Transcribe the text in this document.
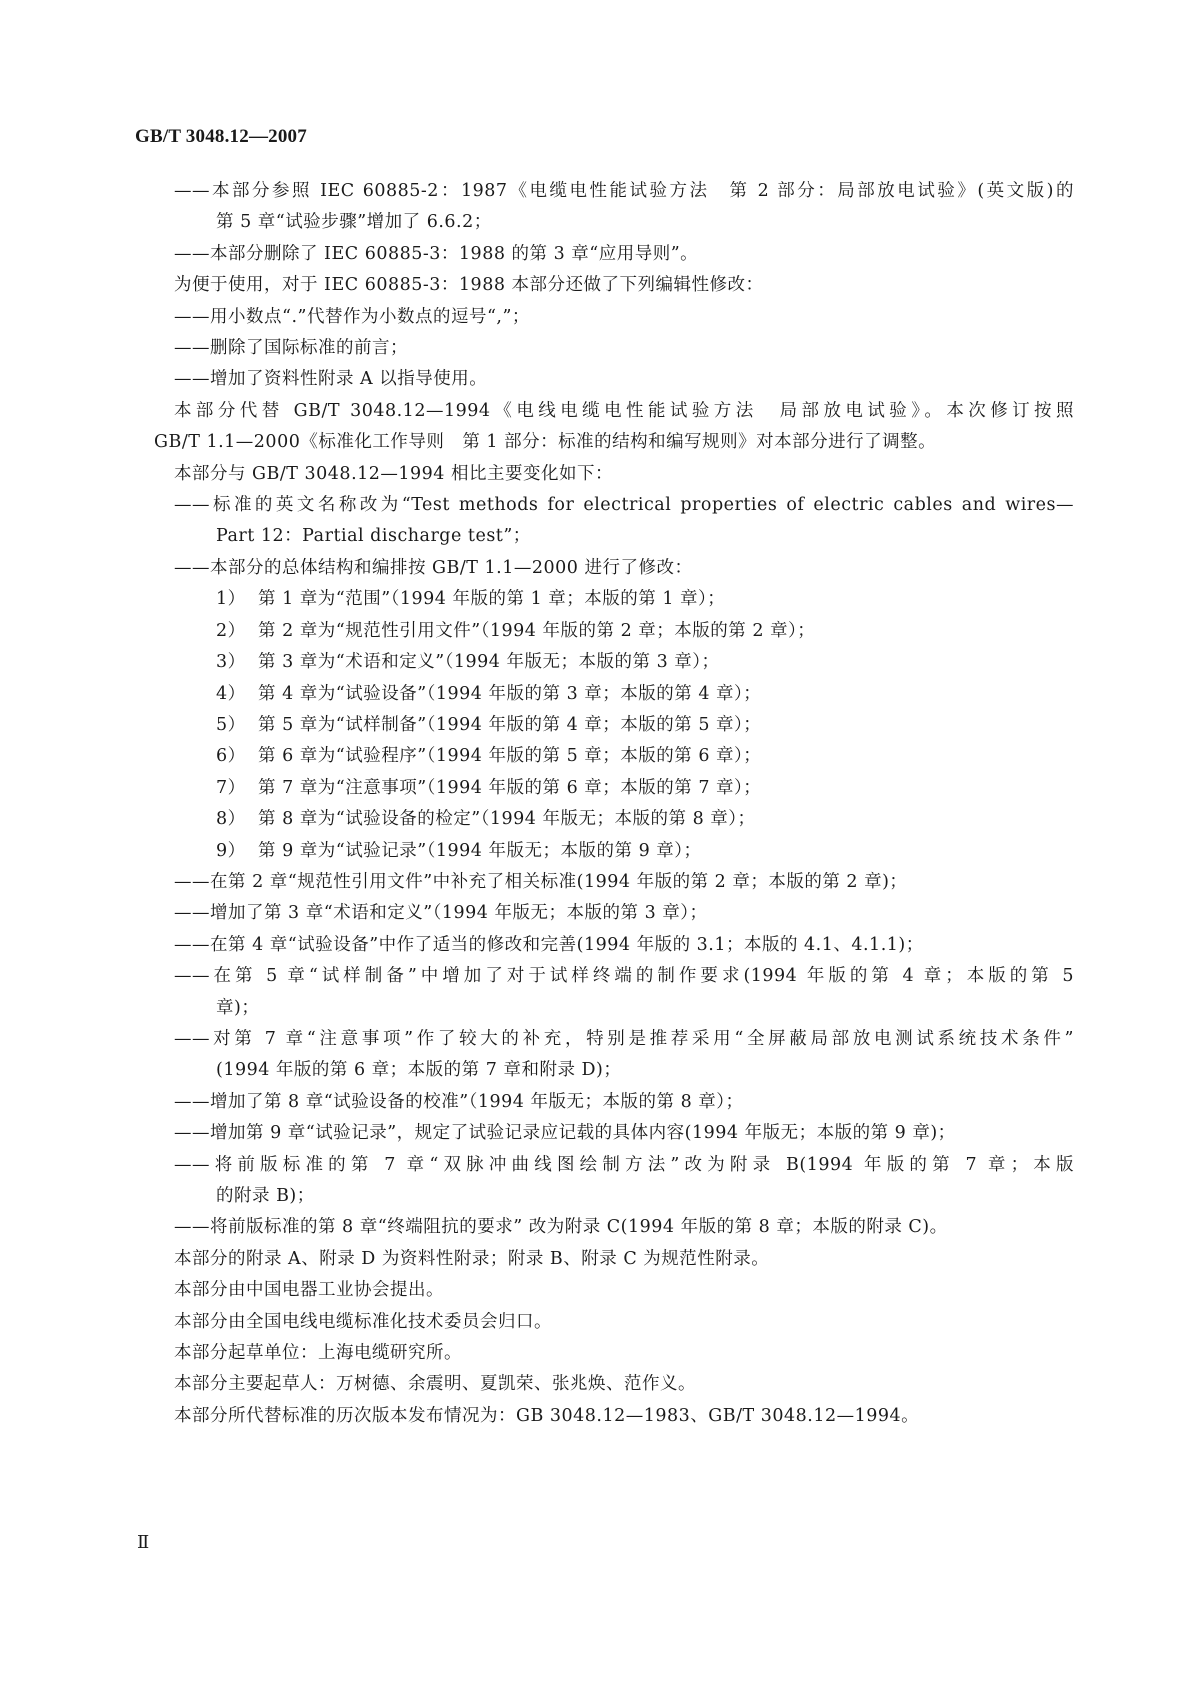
GB/T 3048.12—2007
——本部分参照 IEC 60885-2：1987《电缆电性能试验方法　第 2 部分：局部放电试验》(英文版)的
第 5 章“试验步骤”增加了 6.6.2；
——本部分删除了 IEC 60885-3：1988 的第 3 章“应用导则”。
为便于使用，对于 IEC 60885-3：1988 本部分还做了下列编辑性修改：
——用小数点“.”代替作为小数点的逗号“,”；
——删除了国际标准的前言；
——增加了资料性附录 A 以指导使用。
本部分代替 GB/T 3048.12—1994《电线电缆电性能试验方法　局部放电试验》。本次修订按照
GB/T 1.1—2000《标准化工作导则　第 1 部分：标准的结构和编写规则》对本部分进行了调整。
本部分与 GB/T 3048.12—1994 相比主要变化如下：
——标准的英文名称改为“Test methods for electrical properties of electric cables and wires—
Part 12：Partial discharge test”；
——本部分的总体结构和编排按 GB/T 1.1—2000 进行了修改：
1） 第 1 章为“范围”（1994 年版的第 1 章；本版的第 1 章）；
2） 第 2 章为“规范性引用文件”（1994 年版的第 2 章；本版的第 2 章）；
3） 第 3 章为“术语和定义”（1994 年版无；本版的第 3 章）；
4） 第 4 章为“试验设备”（1994 年版的第 3 章；本版的第 4 章）；
5） 第 5 章为“试样制备”（1994 年版的第 4 章；本版的第 5 章）；
6） 第 6 章为“试验程序”（1994 年版的第 5 章；本版的第 6 章）；
7） 第 7 章为“注意事项”（1994 年版的第 6 章；本版的第 7 章）；
8） 第 8 章为“试验设备的检定”（1994 年版无；本版的第 8 章）；
9） 第 9 章为“试验记录”（1994 年版无；本版的第 9 章）；
——在第 2 章“规范性引用文件”中补充了相关标准(1994 年版的第 2 章；本版的第 2 章)；
——增加了第 3 章“术语和定义”（1994 年版无；本版的第 3 章）；
——在第 4 章“试验设备”中作了适当的修改和完善(1994 年版的 3.1；本版的 4.1、4.1.1)；
——在第 5 章“试样制备”中增加了对于试样终端的制作要求(1994 年版的第 4 章；本版的第 5
章)；
——对第 7 章“注意事项”作了较大的补充，特别是推荐采用“全屏蔽局部放电测试系统技术条件”
(1994 年版的第 6 章；本版的第 7 章和附录 D)；
——增加了第 8 章“试验设备的校准”（1994 年版无；本版的第 8 章）；
——增加第 9 章“试验记录”，规定了试验记录应记载的具体内容(1994 年版无；本版的第 9 章)；
——将前版标准的第 7 章“双脉冲曲线图绘制方法”改为附录 B(1994 年版的第 7 章；本版
的附录 B)；
——将前版标准的第 8 章“终端阻抗的要求” 改为附录 C(1994 年版的第 8 章；本版的附录 C)。
本部分的附录 A、附录 D 为资料性附录；附录 B、附录 C 为规范性附录。
本部分由中国电器工业协会提出。
本部分由全国电线电缆标准化技术委员会归口。
本部分起草单位：上海电缆研究所。
本部分主要起草人：万树德、余震明、夏凯荣、张兆焕、范作义。
本部分所代替标准的历次版本发布情况为：GB 3048.12—1983、GB/T 3048.12—1994。
Ⅱ
